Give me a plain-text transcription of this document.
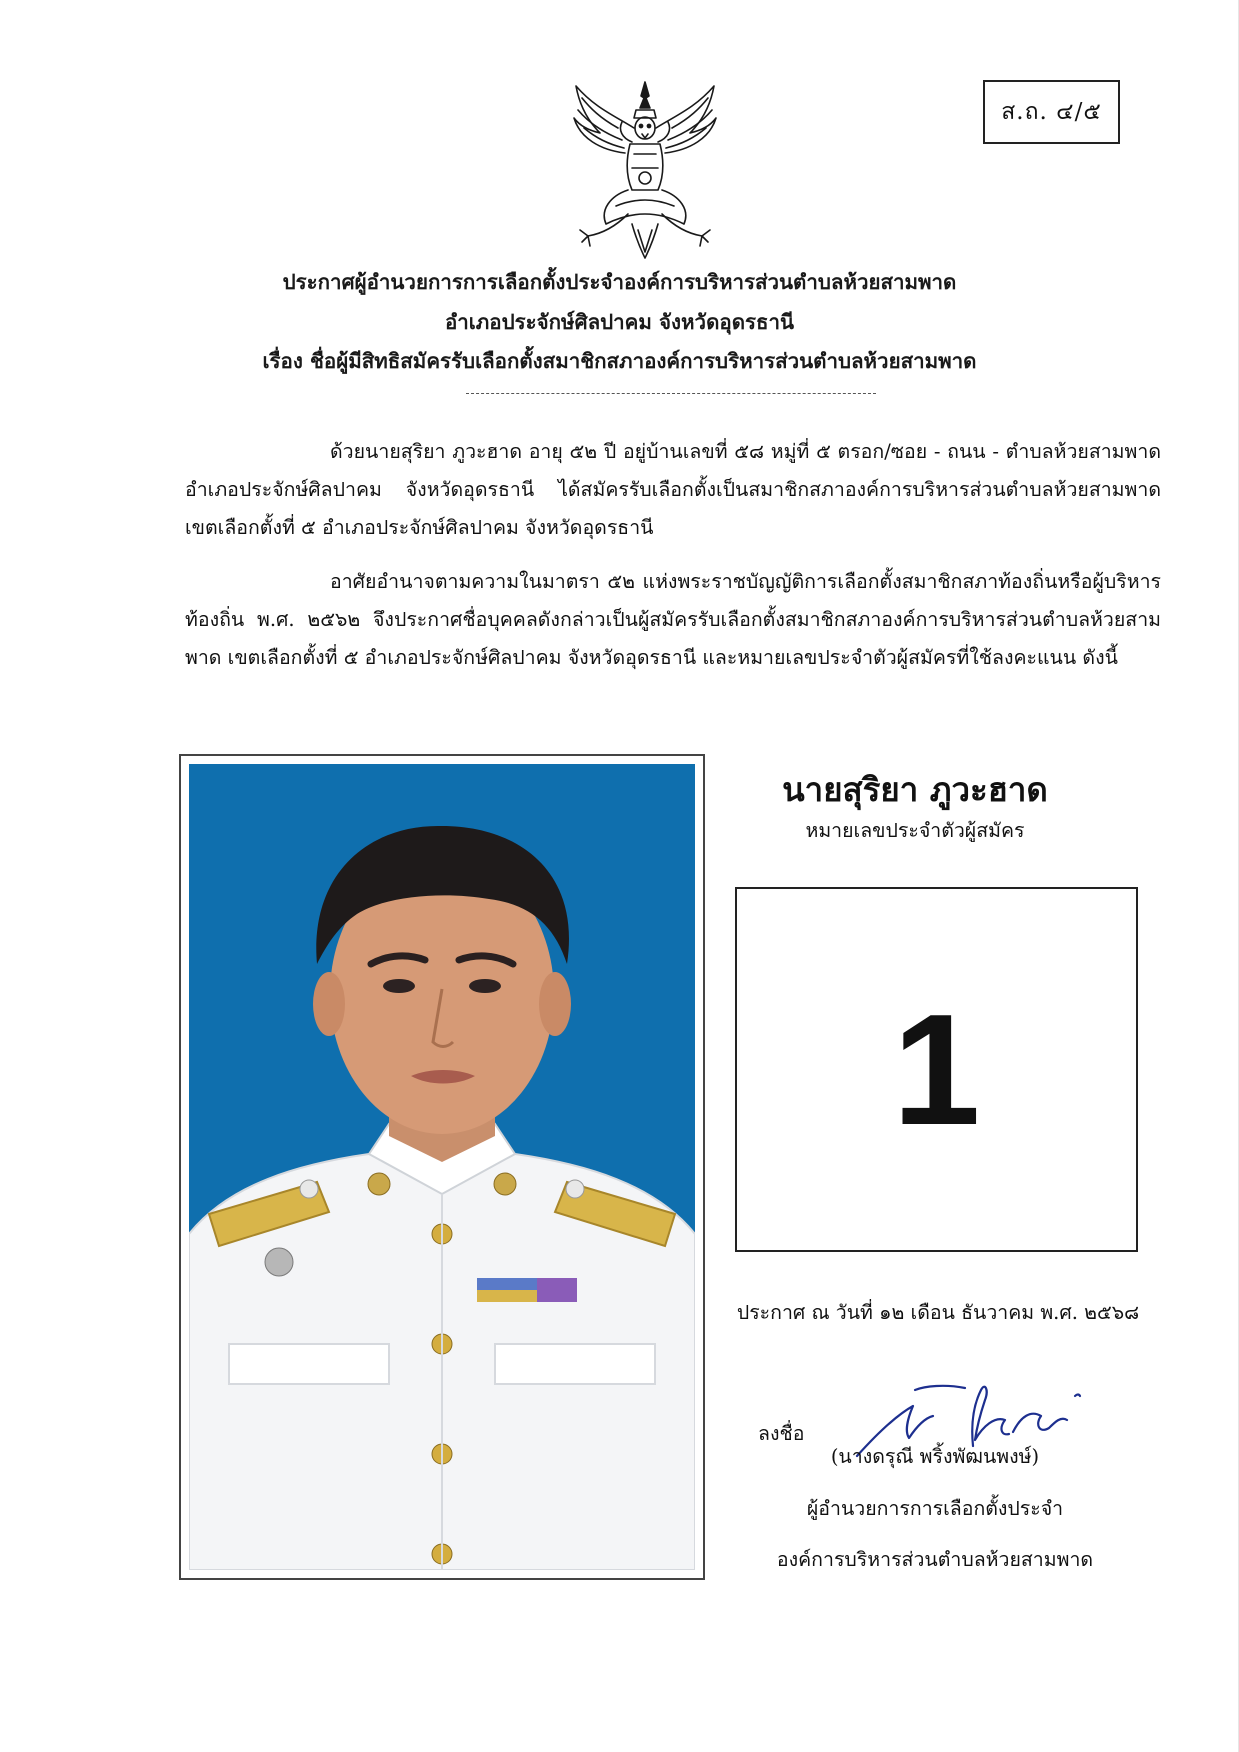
ส.ถ. ๔/๕
ประกาศผู้อำนวยการการเลือกตั้งประจำองค์การบริหารส่วนตำบลห้วยสามพาด
อำเภอประจักษ์ศิลปาคม จังหวัดอุดรธานี
เรื่อง ชื่อผู้มีสิทธิสมัครรับเลือกตั้งสมาชิกสภาองค์การบริหารส่วนตำบลห้วยสามพาด
ด้วยนายสุริยา ภูวะฮาด อายุ ๕๒ ปี อยู่บ้านเลขที่ ๕๘ หมู่ที่ ๕ ตรอก/ซอย - ถนน - ตำบลห้วยสามพาด อำเภอประจักษ์ศิลปาคม จังหวัดอุดรธานี ได้สมัครรับเลือกตั้งเป็นสมาชิกสภาองค์การบริหารส่วนตำบลห้วยสามพาด เขตเลือกตั้งที่ ๕ อำเภอประจักษ์ศิลปาคม จังหวัดอุดรธานี
อาศัยอำนาจตามความในมาตรา ๕๒ แห่งพระราชบัญญัติการเลือกตั้งสมาชิกสภาท้องถิ่นหรือผู้บริหารท้องถิ่น พ.ศ. ๒๕๖๒ จึงประกาศชื่อบุคคลดังกล่าวเป็นผู้สมัครรับเลือกตั้งสมาชิกสภาองค์การบริหารส่วนตำบลห้วยสามพาด เขตเลือกตั้งที่ ๕ อำเภอประจักษ์ศิลปาคม จังหวัดอุดรธานี และหมายเลขประจำตัวผู้สมัครที่ใช้ลงคะแนน ดังนี้
นายสุริยา ภูวะฮาด
หมายเลขประจำตัวผู้สมัคร
1
ประกาศ ณ วันที่ ๑๒ เดือน ธันวาคม พ.ศ. ๒๕๖๘
ลงชื่อ
(นางดรุณี พริ้งพัฒนพงษ์)
ผู้อำนวยการการเลือกตั้งประจำ
องค์การบริหารส่วนตำบลห้วยสามพาด
